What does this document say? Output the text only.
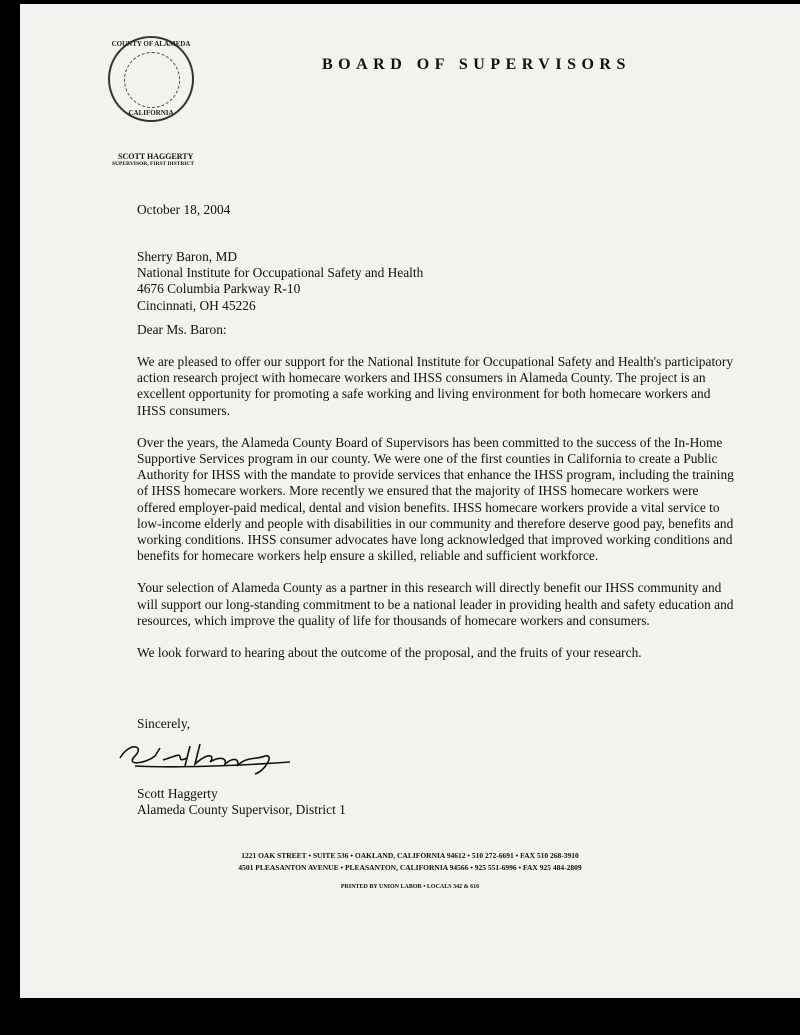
COUNTY OF ALAMEDA
CALIFORNIA
BOARD OF SUPERVISORS
SCOTT HAGGERTY
SUPERVISOR, FIRST DISTRICT
October 18, 2004
Sherry Baron, MD
National Institute for Occupational Safety and Health
4676 Columbia Parkway R-10
Cincinnati, OH 45226
Dear Ms. Baron:

We are pleased to offer our support for the National Institute for Occupational Safety and Health's participatory action research project with homecare workers and IHSS consumers in Alameda County. The project is an excellent opportunity for promoting a safe working and living environment for both homecare workers and IHSS consumers.

Over the years, the Alameda County Board of Supervisors has been committed to the success of the In-Home Supportive Services program in our county. We were one of the first counties in California to create a Public Authority for IHSS with the mandate to provide services that enhance the IHSS program, including the training of IHSS homecare workers. More recently we ensured that the majority of IHSS homecare workers were offered employer-paid medical, dental and vision benefits. IHSS homecare workers provide a vital service to low-income elderly and people with disabilities in our community and therefore deserve good pay, benefits and working conditions. IHSS consumer advocates have long acknowledged that improved working conditions and benefits for homecare workers help ensure a skilled, reliable and sufficient workforce.

Your selection of Alameda County as a partner in this research will directly benefit our IHSS community and will support our long-standing commitment to be a national leader in providing health and safety education and resources, which improve the quality of life for thousands of homecare workers and consumers.

We look forward to hearing about the outcome of the proposal, and the fruits of your research.

Sincerely,
Scott Haggerty
Alameda County Supervisor, District 1
1221 OAK STREET • SUITE 536 • OAKLAND, CALIFORNIA 94612 • 510 272-6691 • FAX 510 268-3910
4501 PLEASANTON AVENUE • PLEASANTON, CALIFORNIA 94566 • 925 551-6996 • FAX 925 484-2809
PRINTED BY UNION LABOR • LOCALS 342 & 616
